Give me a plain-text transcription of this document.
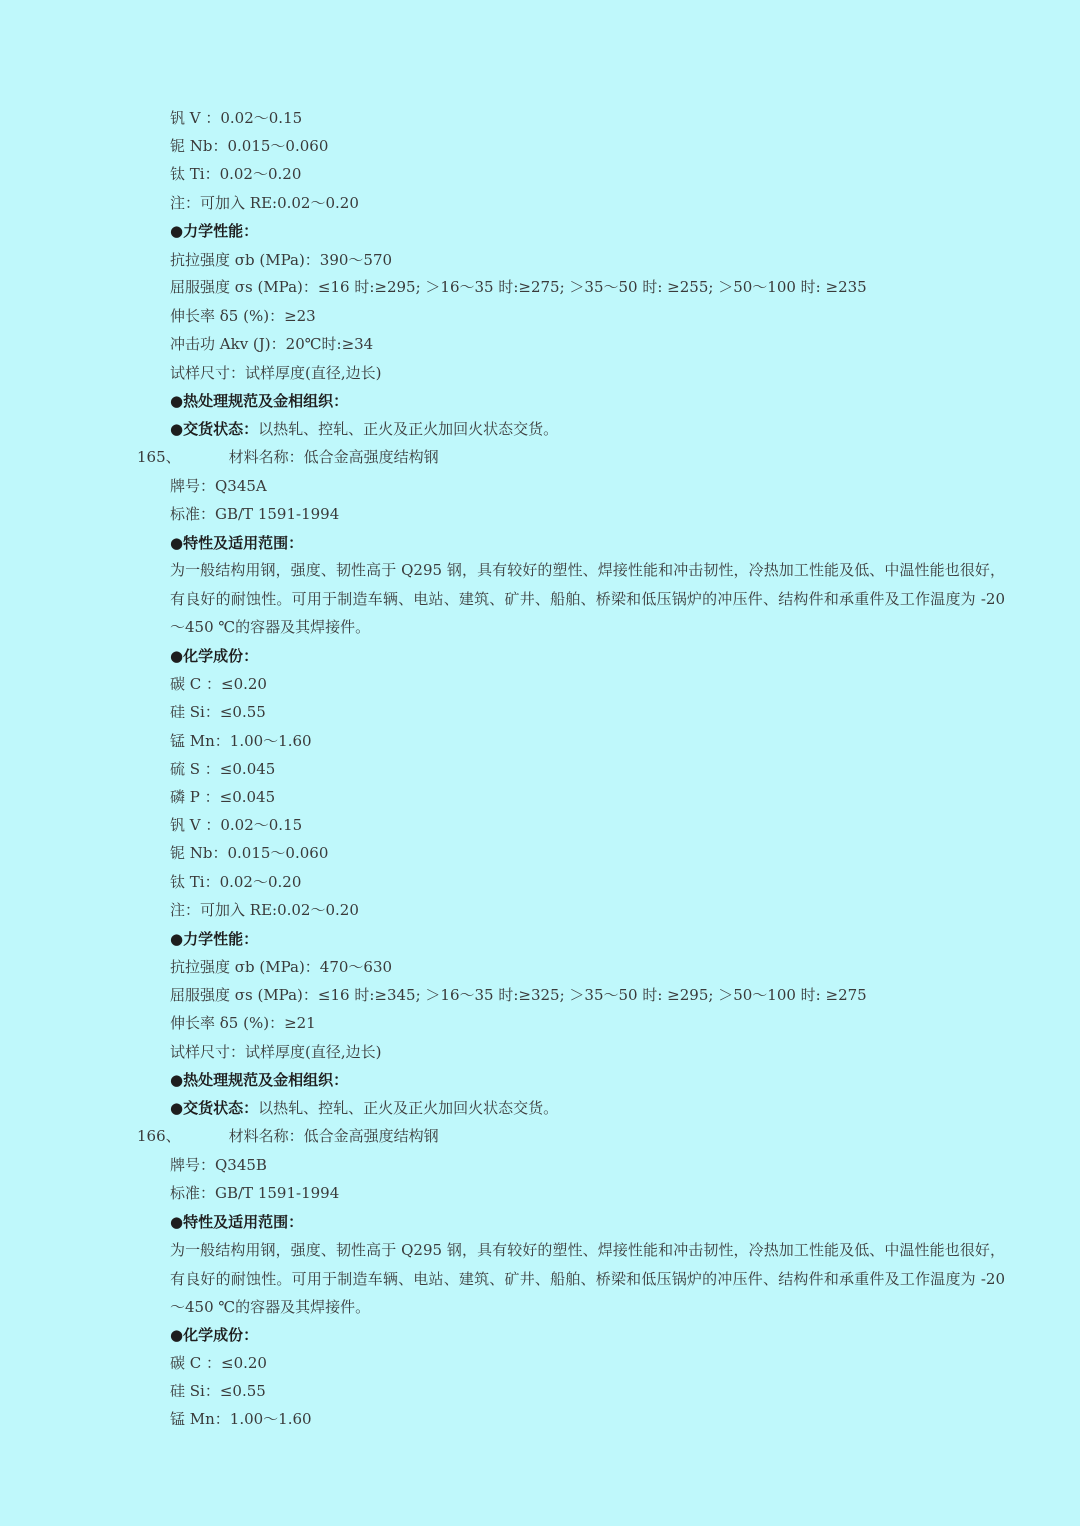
钒 V ：0.02～0.15
铌 Nb：0.015～0.060
钛 Ti：0.02～0.20
注：可加入 RE:0.02～0.20
●力学性能：
抗拉强度 σb (MPa)：390～570
屈服强度 σs (MPa)：≤16 时:≥295; ＞16～35 时:≥275; ＞35～50 时: ≥255; ＞50～100 时: ≥235
伸长率 δ5 (%)：≥23
冲击功 Akv (J)：20℃时:≥34
试样尺寸：试样厚度(直径,边长)
●热处理规范及金相组织：
●交货状态：以热轧、控轧、正火及正火加回火状态交货。
165、	材料名称：低合金高强度结构钢
牌号：Q345A
标准：GB/T 1591-1994
●特性及适用范围：
为一般结构用钢，强度、韧性高于 Q295 钢，具有较好的塑性、焊接性能和冲击韧性，冷热加工性能及低、中温性能也很好，有良好的耐蚀性。可用于制造车辆、电站、建筑、矿井、船舶、桥梁和低压锅炉的冲压件、结构件和承重件及工作温度为 -20～450 ℃的容器及其焊接件。
●化学成份：
碳 C ：≤0.20
硅 Si：≤0.55
锰 Mn：1.00～1.60
硫 S ：≤0.045
磷 P ：≤0.045
钒 V ：0.02～0.15
铌 Nb：0.015～0.060
钛 Ti：0.02～0.20
注：可加入 RE:0.02～0.20
●力学性能：
抗拉强度 σb (MPa)：470～630
屈服强度 σs (MPa)：≤16 时:≥345; ＞16～35 时:≥325; ＞35～50 时: ≥295; ＞50～100 时: ≥275
伸长率 δ5 (%)：≥21
试样尺寸：试样厚度(直径,边长)
●热处理规范及金相组织：
●交货状态：以热轧、控轧、正火及正火加回火状态交货。
166、	材料名称：低合金高强度结构钢
牌号：Q345B
标准：GB/T 1591-1994
●特性及适用范围：
为一般结构用钢，强度、韧性高于 Q295 钢，具有较好的塑性、焊接性能和冲击韧性，冷热加工性能及低、中温性能也很好，有良好的耐蚀性。可用于制造车辆、电站、建筑、矿井、船舶、桥梁和低压锅炉的冲压件、结构件和承重件及工作温度为 -20～450 ℃的容器及其焊接件。
●化学成份：
碳 C ：≤0.20
硅 Si：≤0.55
锰 Mn：1.00～1.60
